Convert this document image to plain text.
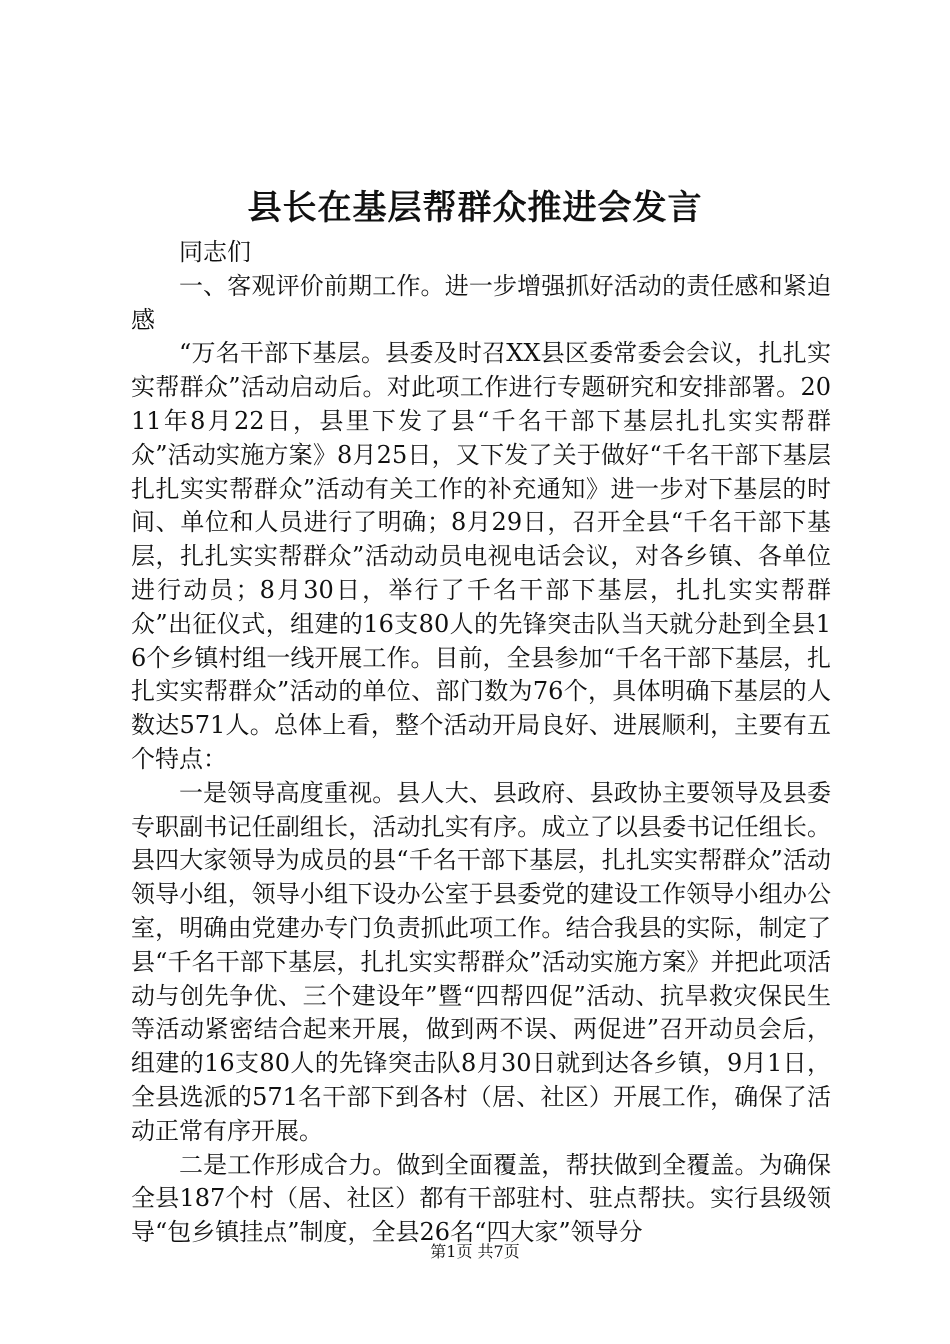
县长在基层帮群众推进会发言

同志们

一、客观评价前期工作。进一步增强抓好活动的责任感和紧迫感

“万名干部下基层。县委及时召XX县区委常委会会议，扎扎实实帮群众”活动启动后。对此项工作进行专题研究和安排部署。2011年8月22日，县里下发了县“千名干部下基层扎扎实实帮群众”活动实施方案》8月25日，又下发了关于做好“千名干部下基层扎扎实实帮群众”活动有关工作的补充通知》进一步对下基层的时间、单位和人员进行了明确；8月29日，召开全县“千名干部下基层，扎扎实实帮群众”活动动员电视电话会议，对各乡镇、各单位进行动员；8月30日，举行了千名干部下基层，扎扎实实帮群众”出征仪式，组建的16支80人的先锋突击队当天就分赴到全县16个乡镇村组一线开展工作。目前，全县参加“千名干部下基层，扎扎实实帮群众”活动的单位、部门数为76个，具体明确下基层的人数达571人。总体上看，整个活动开局良好、进展顺利，主要有五个特点：

一是领导高度重视。县人大、县政府、县政协主要领导及县委专职副书记任副组长，活动扎实有序。成立了以县委书记任组长。县四大家领导为成员的县“千名干部下基层，扎扎实实帮群众”活动领导小组，领导小组下设办公室于县委党的建设工作领导小组办公室，明确由党建办专门负责抓此项工作。结合我县的实际，制定了县“千名干部下基层，扎扎实实帮群众”活动实施方案》并把此项活动与创先争优、三个建设年”暨“四帮四促”活动、抗旱救灾保民生等活动紧密结合起来开展，做到两不误、两促进”召开动员会后，组建的16支80人的先锋突击队8月30日就到达各乡镇，9月1日，全县选派的571名干部下到各村（居、社区）开展工作，确保了活动正常有序开展。

二是工作形成合力。做到全面覆盖，帮扶做到全覆盖。为确保全县187个村（居、社区）都有干部驻村、驻点帮扶。实行县级领导“包乡镇挂点”制度，全县26名“四大家”领导分

第1页 共7页
